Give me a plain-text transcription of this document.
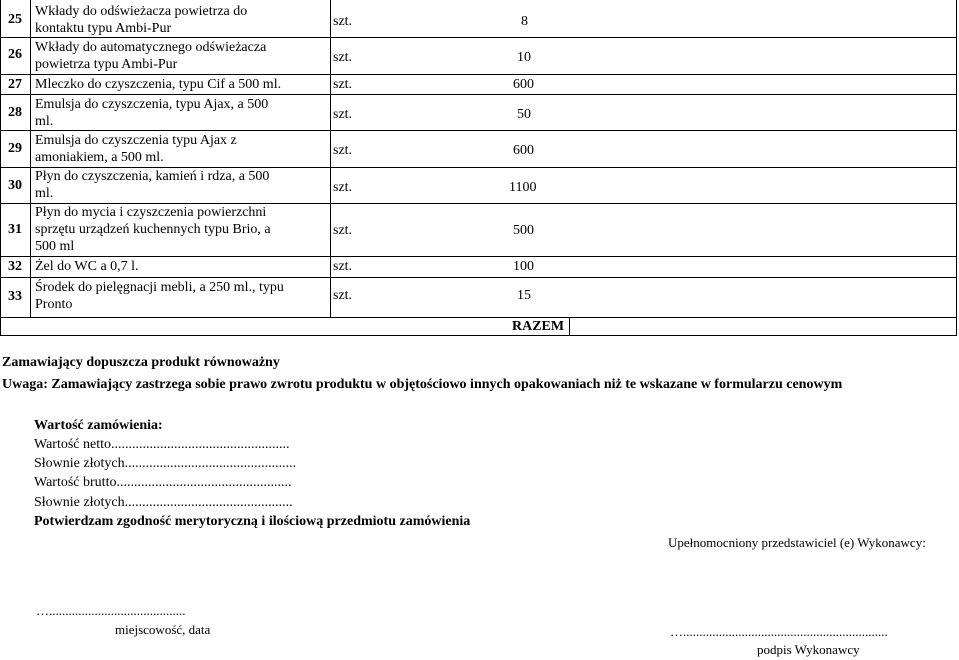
25
Wkłady do odświeżacza powietrza do
kontaktu typu Ambi-Pur	szt.	8
26 Wkłady do automatycznego odświeżacza
powietrza typu Ambi-Pur	szt.	10
27 Mleczko do czyszczenia, typu Cif a 500 ml.	szt.	600
28
Emulsja do czyszczenia, typu Ajax, a 500
ml.	szt.	50
29
Emulsja do czyszczenia typu Ajax z
amoniakiem, a 500 ml.	szt.	600
30
Płyn do czyszczenia, kamień i rdza, a 500
ml.	szt.	1100
31
Płyn do mycia i czyszczenia powierzchni
sprzętu urządzeń kuchennych typu Brio, a
500 ml
szt.	500
32 Żel do WC a 0,7 l.	szt.	100
33
Środek do pielęgnacji mebli, a 250 ml., typu
Pronto
szt.	15
RAZEM
Zamawiający dopuszcza produkt równoważny
Uwaga: Zamawiający zastrzega sobie prawo zwrotu produktu w objętościowo innych opakowaniach niż te wskazane w formularzu cenowym
Wartość zamówienia:
Wartość netto...................................................
Słownie złotych.................................................
Wartość brutto..................................................
Słownie złotych................................................
Potwierdzam zgodność merytoryczną i ilościową przedmiotu zamówienia
Upełnomocniony przedstawiciel (e) Wykonawcy:
…..........................................
miejscowość, data	…...............................................................
podpis Wykonawcy
